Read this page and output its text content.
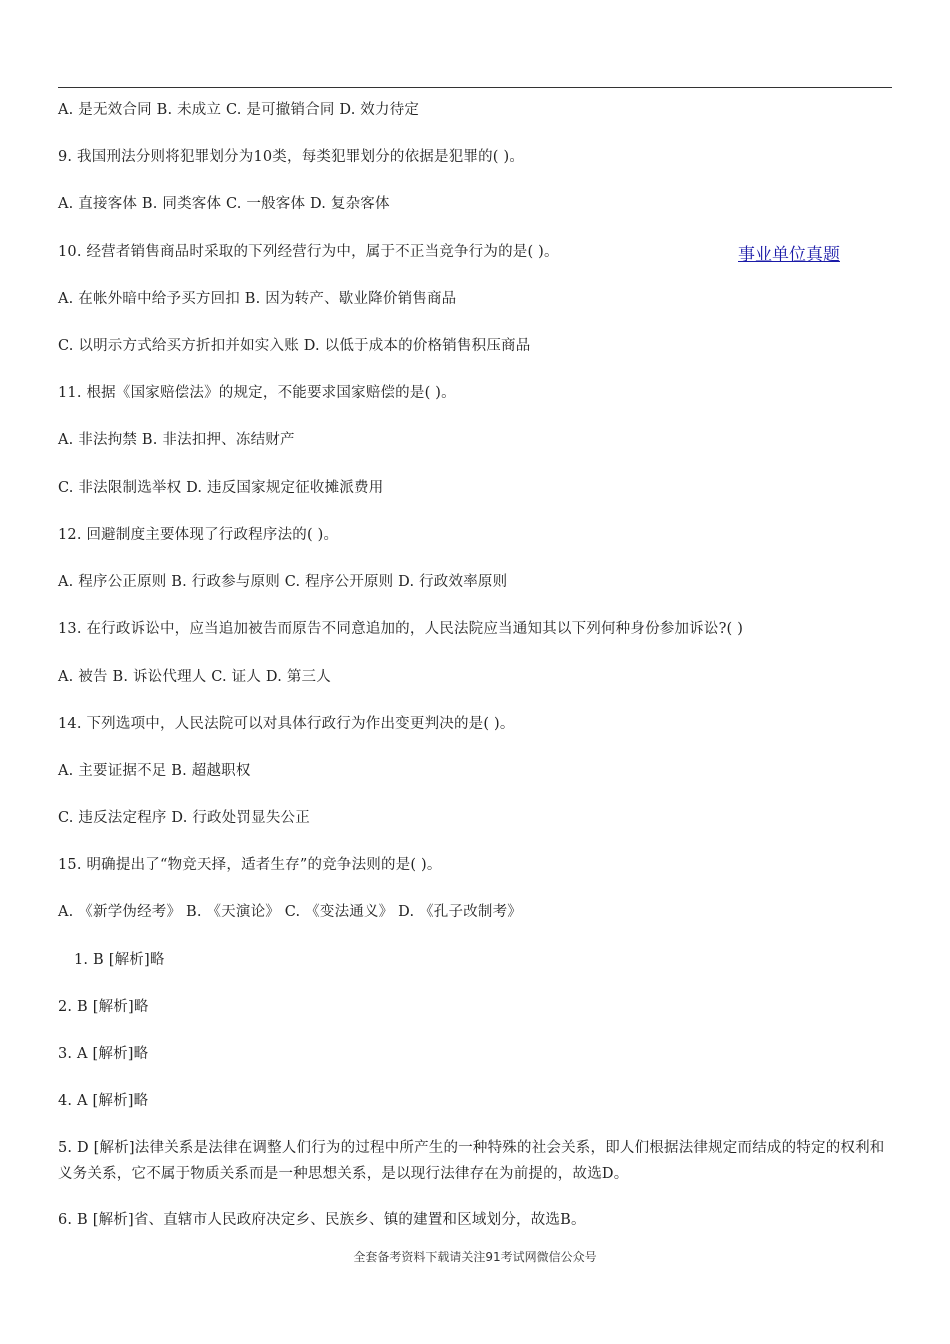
A. 是无效合同 B. 未成立 C. 是可撤销合同 D. 效力待定
9. 我国刑法分则将犯罪划分为10类，每类犯罪划分的依据是犯罪的( )。
A. 直接客体 B. 同类客体 C. 一般客体 D. 复杂客体
10. 经营者销售商品时采取的下列经营行为中，属于不正当竞争行为的是( )。	事业单位真题
A. 在帐外暗中给予买方回扣 B. 因为转产、歇业降价销售商品
C. 以明示方式给买方折扣并如实入账 D. 以低于成本的价格销售积压商品
11. 根据《国家赔偿法》的规定，不能要求国家赔偿的是( )。
A. 非法拘禁 B. 非法扣押、冻结财产
C. 非法限制选举权 D. 违反国家规定征收摊派费用
12. 回避制度主要体现了行政程序法的( )。
A. 程序公正原则 B. 行政参与原则 C. 程序公开原则 D. 行政效率原则
13. 在行政诉讼中，应当追加被告而原告不同意追加的，人民法院应当通知其以下列何种身份参加诉讼?( )
A. 被告 B. 诉讼代理人 C. 证人 D. 第三人
14. 下列选项中，人民法院可以对具体行政行为作出变更判决的是( )。
A. 主要证据不足 B. 超越职权
C. 违反法定程序 D. 行政处罚显失公正
15. 明确提出了“物竞天择，适者生存”的竞争法则的是( )。
A. 《新学伪经考》 B. 《天演论》 C. 《变法通义》 D. 《孔子改制考》
1. B [解析]略
2. B [解析]略
3. A [解析]略
4. A [解析]略
5. D [解析]法律关系是法律在调整人们行为的过程中所产生的一种特殊的社会关系，即人们根据法律规定而结成的特定的权利和义务关系，它不属于物质关系而是一种思想关系，是以现行法律存在为前提的，故选D。
6. B [解析]省、直辖市人民政府决定乡、民族乡、镇的建置和区域划分，故选B。
全套备考资料下载请关注91考试网微信公众号
